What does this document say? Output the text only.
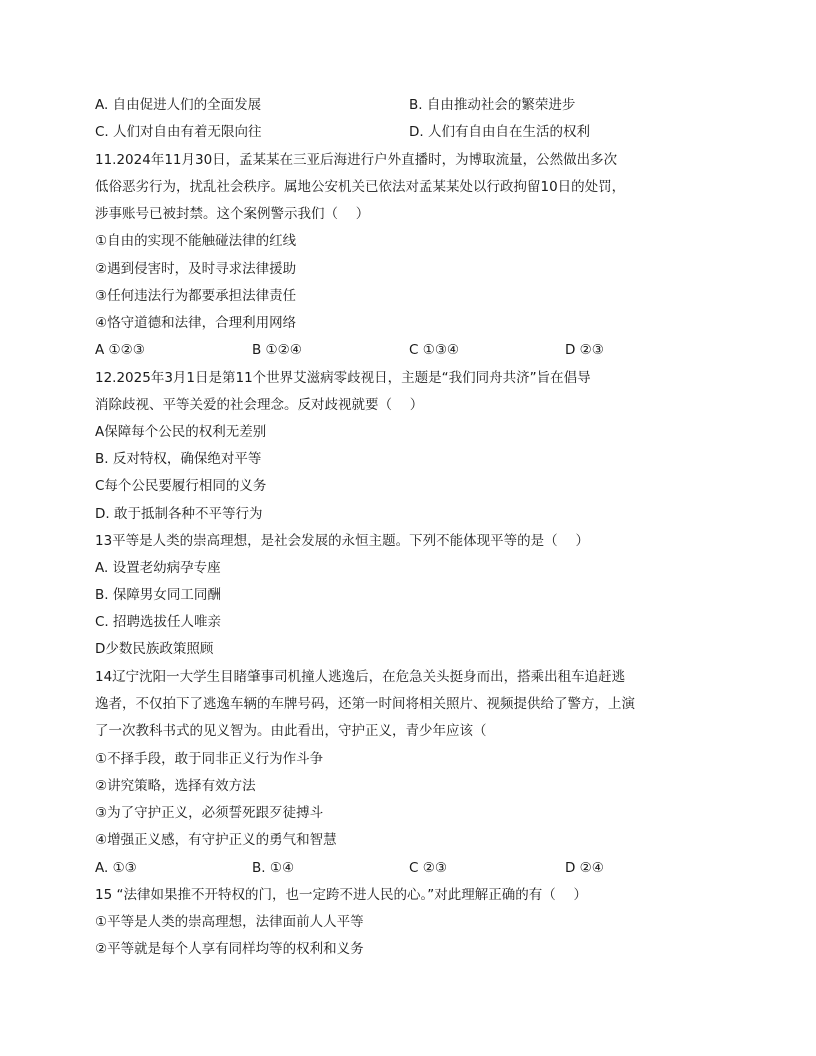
A. 自由促进人们的全面发展	B. 自由推动社会的繁荣进步
C. 人们对自由有着无限向往	D. 人们有自由自在生活的权利
11.2024年11月30日，孟某某在三亚后海进行户外直播时，为博取流量，公然做出多次
低俗恶劣行为，扰乱社会秩序。属地公安机关已依法对孟某某处以行政拘留10日的处罚，
涉事账号已被封禁。这个案例警示我们（　 ）
①自由的实现不能触碰法律的红线
②遇到侵害时，及时寻求法律援助
③任何违法行为都要承担法律责任
④恪守道德和法律，合理利用网络
A ①②③	B ①②④	C ①③④	D ②③
12.2025年3月1日是第11个世界艾滋病零歧视日，主题是“我们同舟共济”旨在倡导
消除歧视、平等关爱的社会理念。反对歧视就要（　 ）
A保障每个公民的权利无差别
B. 反对特权，确保绝对平等
C每个公民要履行相同的义务
D. 敢于抵制各种不平等行为
13平等是人类的崇高理想，是社会发展的永恒主题。下列不能体现平等的是（　 ）
A. 设置老幼病孕专座
B. 保障男女同工同酬
C. 招聘选拔任人唯亲
D少数民族政策照顾
14辽宁沈阳一大学生目睹肇事司机撞人逃逸后，在危急关头挺身而出，搭乘出租车追赶逃
逸者，不仅拍下了逃逸车辆的车牌号码，还第一时间将相关照片、视频提供给了警方，上演
了一次教科书式的见义智为。由此看出，守护正义，青少年应该（
①不择手段，敢于同非正义行为作斗争
②讲究策略，选择有效方法
③为了守护正义，必须誓死跟歹徒搏斗
④增强正义感，有守护正义的勇气和智慧
A. ①③	B. ①④	C ②③	D ②④
15 “法律如果推不开特权的门，也一定跨不进人民的心。”对此理解正确的有（　 ）
①平等是人类的崇高理想，法律面前人人平等
②平等就是每个人享有同样均等的权利和义务
